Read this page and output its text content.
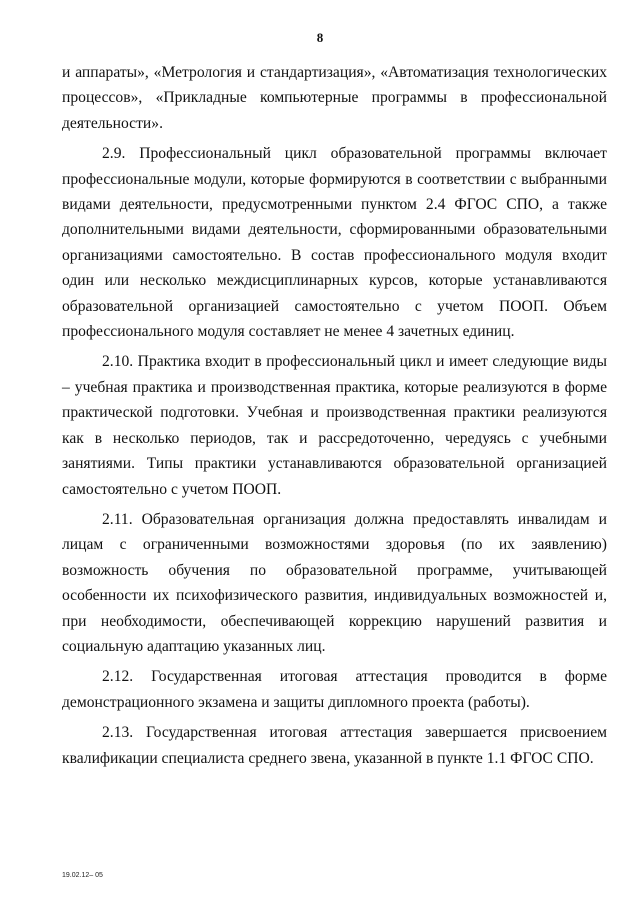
8

и аппараты», «Метрология и стандартизация», «Автоматизация технологических процессов», «Прикладные компьютерные программы в профессиональной деятельности».

2.9. Профессиональный цикл образовательной программы включает профессиональные модули, которые формируются в соответствии с выбранными видами деятельности, предусмотренными пунктом 2.4 ФГОС СПО, а также дополнительными видами деятельности, сформированными образовательными организациями самостоятельно. В состав профессионального модуля входит один или несколько междисциплинарных курсов, которые устанавливаются образовательной организацией самостоятельно с учетом ПООП. Объем профессионального модуля составляет не менее 4 зачетных единиц.

2.10. Практика входит в профессиональный цикл и имеет следующие виды – учебная практика и производственная практика, которые реализуются в форме практической подготовки. Учебная и производственная практики реализуются как в несколько периодов, так и рассредоточенно, чередуясь с учебными занятиями. Типы практики устанавливаются образовательной организацией самостоятельно с учетом ПООП.

2.11. Образовательная организация должна предоставлять инвалидам и лицам с ограниченными возможностями здоровья (по их заявлению) возможность обучения по образовательной программе, учитывающей особенности их психофизического развития, индивидуальных возможностей и, при необходимости, обеспечивающей коррекцию нарушений развития и социальную адаптацию указанных лиц.

2.12. Государственная итоговая аттестация проводится в форме демонстрационного экзамена и защиты дипломного проекта (работы).

2.13. Государственная итоговая аттестация завершается присвоением квалификации специалиста среднего звена, указанной в пункте 1.1 ФГОС СПО.

19.02.12– 05
